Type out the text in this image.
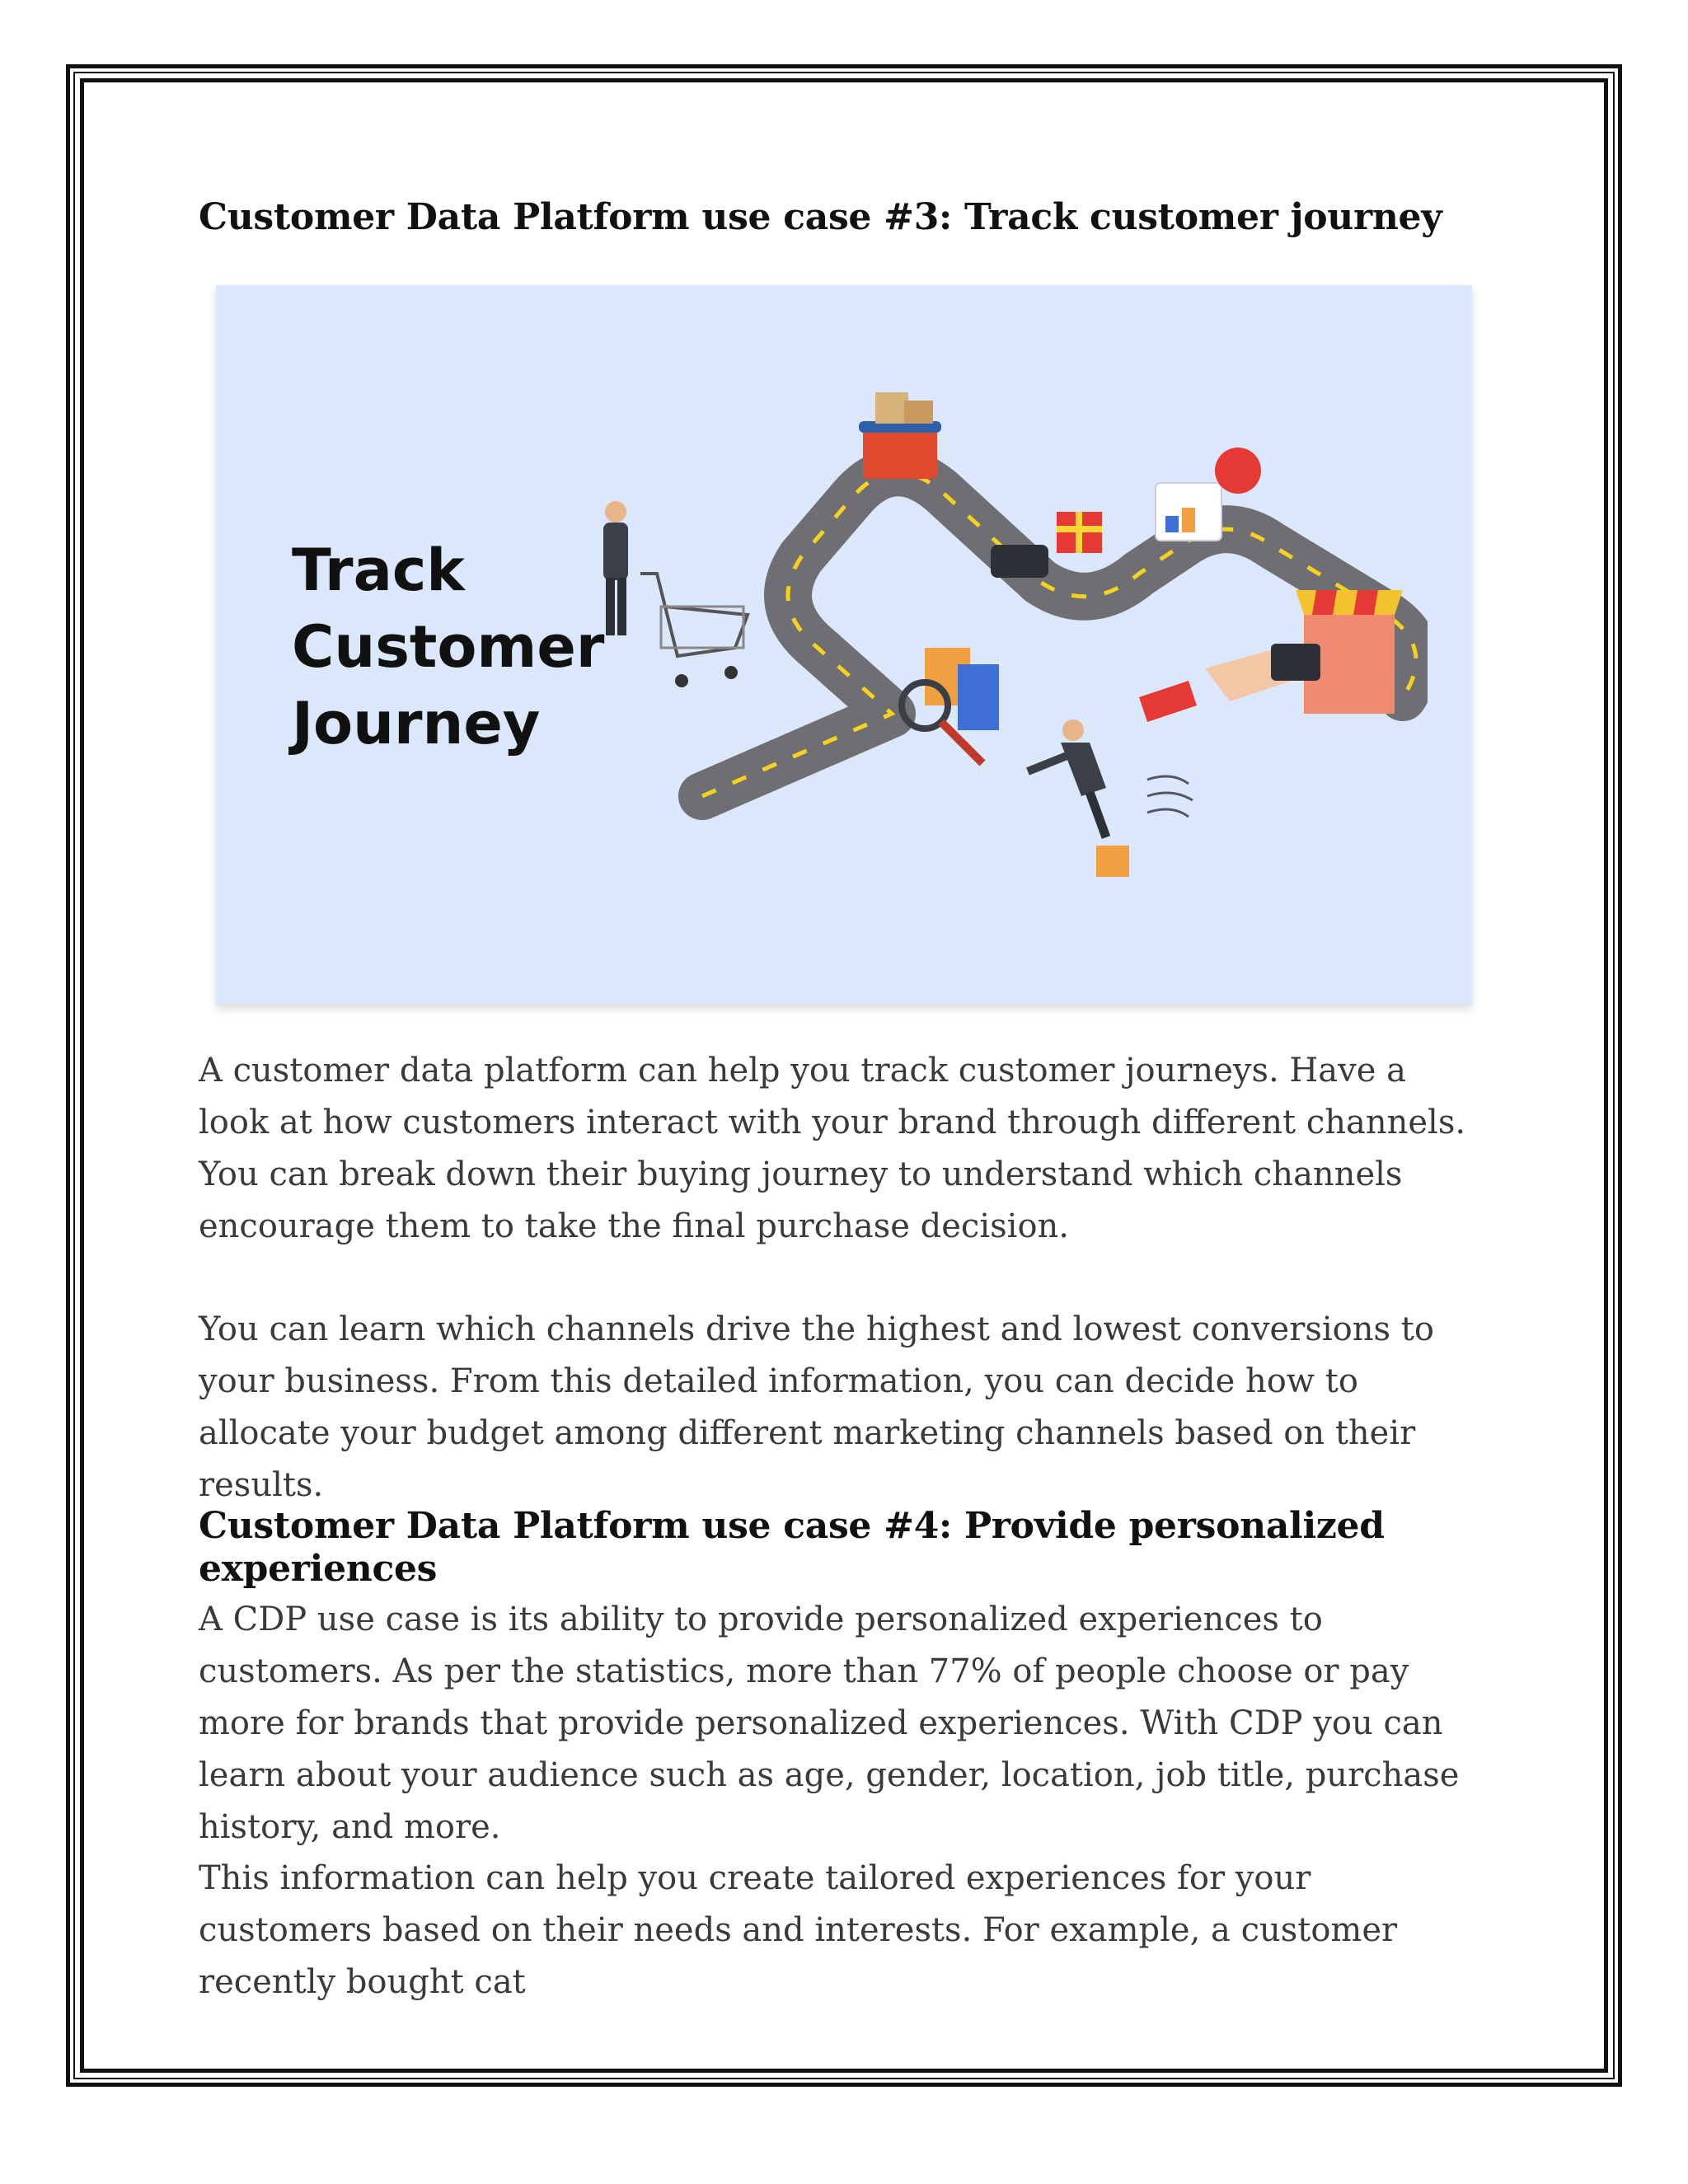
Customer Data Platform use case #3: Track customer journey
Track
Customer
Journey

A customer data platform can help you track customer journeys. Have a look at how customers interact with your brand through different channels. You can break down their buying journey to understand which channels encourage them to take the final purchase decision.

You can learn which channels drive the highest and lowest conversions to your business. From this detailed information, you can decide how to allocate your budget among different marketing channels based on their results.

Customer Data Platform use case #4: Provide personalized experiences

A CDP use case is its ability to provide personalized experiences to customers. As per the statistics, more than 77% of people choose or pay more for brands that provide personalized experiences. With CDP you can learn about your audience such as age, gender, location, job title, purchase history, and more.

This information can help you create tailored experiences for your customers based on their needs and interests. For example, a customer recently bought cat
